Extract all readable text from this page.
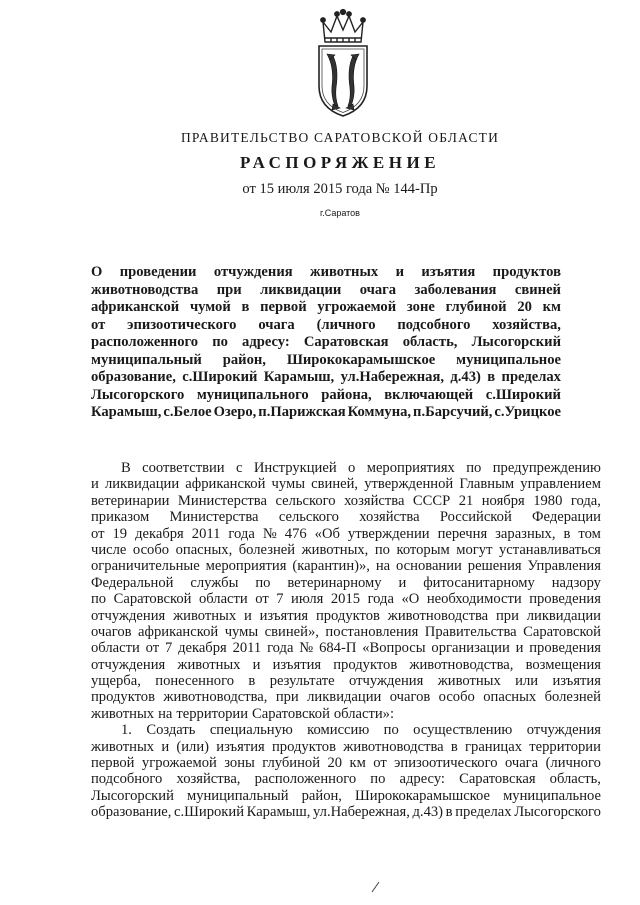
ПРАВИТЕЛЬСТВО САРАТОВСКОЙ ОБЛАСТИ
РАСПОРЯЖЕНИЕ
от 15 июля 2015 года № 144-Пр
г.Саратов
О проведении отчуждения животных и изъятия продуктов
животноводства при ликвидации очага заболевания свиней
африканской чумой в первой угрожаемой зоне глубиной 20 км
от эпизоотического очага (личного подсобного хозяйства,
расположенного по адресу: Саратовская область, Лысогорский
муниципальный район, Ширококарамышское муниципальное
образование, с.Широкий Карамыш, ул.Набережная, д.43) в пределах
Лысогорского муниципального района, включающей с.Широкий
Карамыш, с.Белое Озеро, п.Парижская Коммуна, п.Барсучий, с.Урицкое
В соответствии с Инструкцией о мероприятиях по предупреждению
и ликвидации африканской чумы свиней, утвержденной Главным управлением
ветеринарии Министерства сельского хозяйства СССР 21 ноября 1980 года,
приказом Министерства сельского хозяйства Российской Федерации
от 19 декабря 2011 года № 476 «Об утверждении перечня заразных, в том
числе особо опасных, болезней животных, по которым могут устанавливаться
ограничительные мероприятия (карантин)», на основании решения Управления
Федеральной службы по ветеринарному и фитосанитарному надзору
по Саратовской области от 7 июля 2015 года «О необходимости проведения
отчуждения животных и изъятия продуктов животноводства при ликвидации
очагов африканской чумы свиней», постановления Правительства Саратовской
области от 7 декабря 2011 года № 684-П «Вопросы организации и проведения
отчуждения животных и изъятия продуктов животноводства, возмещения
ущерба, понесенного в результате отчуждения животных или изъятия
продуктов животноводства, при ликвидации очагов особо опасных болезней
животных на территории Саратовской области»:
1. Создать специальную комиссию по осуществлению отчуждения
животных и (или) изъятия продуктов животноводства в границах территории
первой угрожаемой зоны глубиной 20 км от эпизоотического очага (личного
подсобного хозяйства, расположенного по адресу: Саратовская область,
Лысогорский муниципальный район, Ширококарамышское муниципальное
образование, с.Широкий Карамыш, ул.Набережная, д.43) в пределах Лысогорского
